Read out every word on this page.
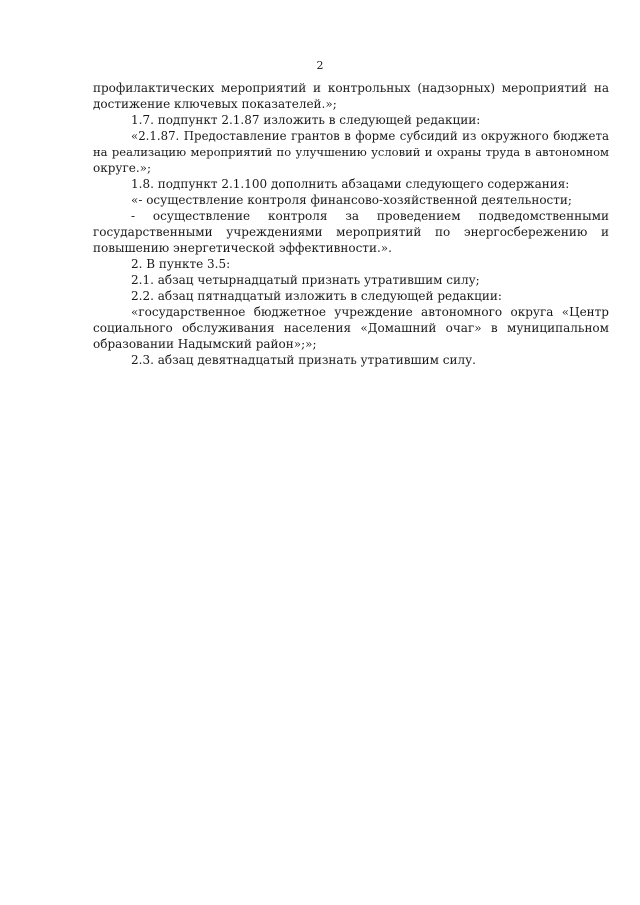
2
профилактических мероприятий и контрольных (надзорных) мероприятий на
достижение ключевых показателей.»;
1.7. подпункт 2.1.87 изложить в следующей редакции:
«2.1.87. Предоставление грантов в форме субсидий из окружного бюджета
на реализацию мероприятий по улучшению условий и охраны труда в автономном
округе.»;
1.8. подпункт 2.1.100 дополнить абзацами следующего содержания:
«- осуществление контроля финансово-хозяйственной деятельности;
- осуществление контроля за проведением подведомственными
государственными учреждениями мероприятий по энергосбережению и
повышению энергетической эффективности.».
2. В пункте 3.5:
2.1. абзац четырнадцатый признать утратившим силу;
2.2. абзац пятнадцатый изложить в следующей редакции:
«государственное бюджетное учреждение автономного округа «Центр
социального обслуживания населения «Домашний очаг» в муниципальном
образовании Надымский район»;»;
2.3. абзац девятнадцатый признать утратившим силу.
